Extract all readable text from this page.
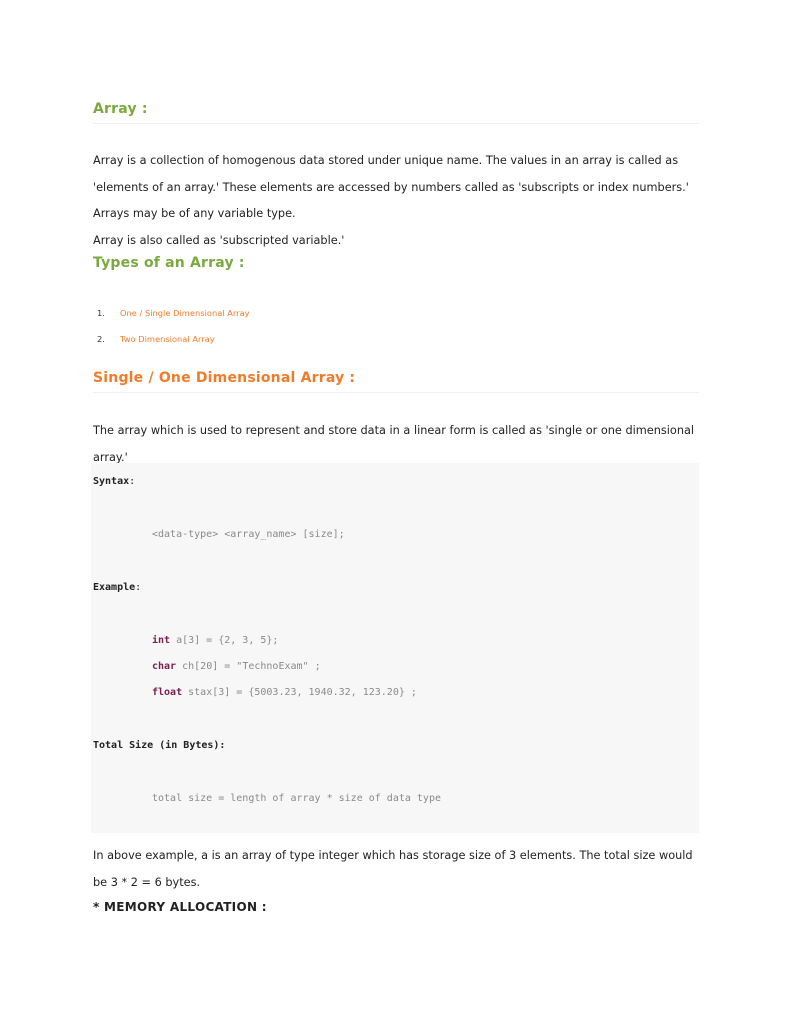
Array :

Array is a collection of homogenous data stored under unique name. The values in an array is called as

'elements of an array.' These elements are accessed by numbers called as 'subscripts or index numbers.'

Arrays may be of any variable type.

Array is also called as 'subscripted variable.'

Types of an Array :
1. One / Single Dimensional Array
2. Two Dimensional Array
Single / One Dimensional Array :

The array which is used to represent and store data in a linear form is called as 'single or one dimensional

array.'

Syntax:
<data-type> <array_name> [size];
Example:
int a[3] = {2, 3, 5};
char ch[20] = "TechnoExam" ;
float stax[3] = {5003.23, 1940.32, 123.20} ;
Total Size (in Bytes):
total size = length of array * size of data type

In above example, a is an array of type integer which has storage size of 3 elements. The total size would

be 3 * 2 = 6 bytes.

* MEMORY ALLOCATION :
